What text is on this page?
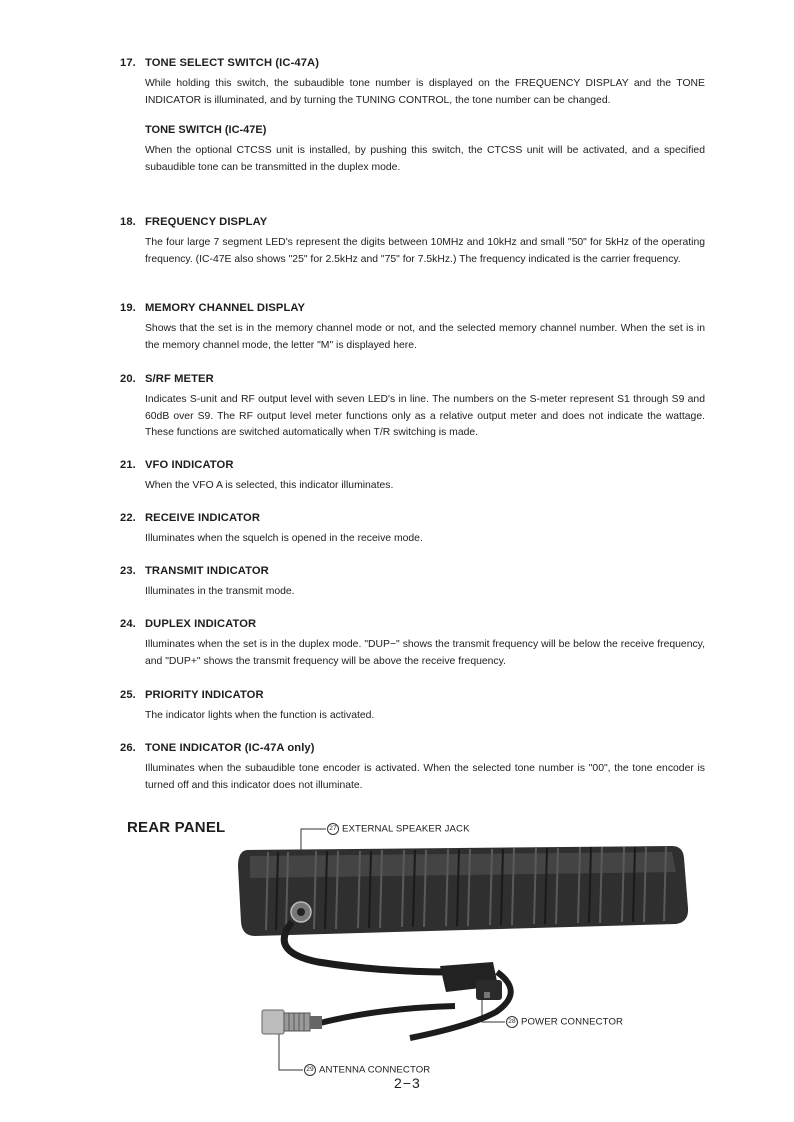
17. TONE SELECT SWITCH (IC-47A)
While holding this switch, the subaudible tone number is displayed on the FREQUENCY DISPLAY and the TONE INDICATOR is illuminated, and by turning the TUNING CONTROL, the tone number can be changed.
TONE SWITCH (IC-47E)
When the optional CTCSS unit is installed, by pushing this switch, the CTCSS unit will be activated, and a specified subaudible tone can be transmitted in the duplex mode.
18. FREQUENCY DISPLAY
The four large 7 segment LED's represent the digits between 10MHz and 10kHz and small "50" for 5kHz of the operating frequency. (IC-47E also shows "25" for 2.5kHz and "75" for 7.5kHz.) The frequency indicated is the carrier frequency.
19. MEMORY CHANNEL DISPLAY
Shows that the set is in the memory channel mode or not, and the selected memory channel number. When the set is in the memory channel mode, the letter "M" is displayed here.
20. S/RF METER
Indicates S-unit and RF output level with seven LED's in line. The numbers on the S-meter represent S1 through S9 and 60dB over S9. The RF output level meter functions only as a relative output meter and does not indicate the wattage. These functions are switched automatically when T/R switching is made.
21. VFO INDICATOR
When the VFO A is selected, this indicator illuminates.
22. RECEIVE INDICATOR
Illuminates when the squelch is opened in the receive mode.
23. TRANSMIT INDICATOR
Illuminates in the transmit mode.
24. DUPLEX INDICATOR
Illuminates when the set is in the duplex mode. "DUP−" shows the transmit frequency will be below the receive frequency, and "DUP+" shows the transmit frequency will be above the receive frequency.
25. PRIORITY INDICATOR
The indicator lights when the function is activated.
26. TONE INDICATOR (IC-47A only)
Illuminates when the subaudible tone encoder is activated. When the selected tone number is "00", the tone encoder is turned off and this indicator does not illuminate.
REAR PANEL	27 EXTERNAL SPEAKER JACK
28 POWER CONNECTOR
29 ANTENNA CONNECTOR
2−3
